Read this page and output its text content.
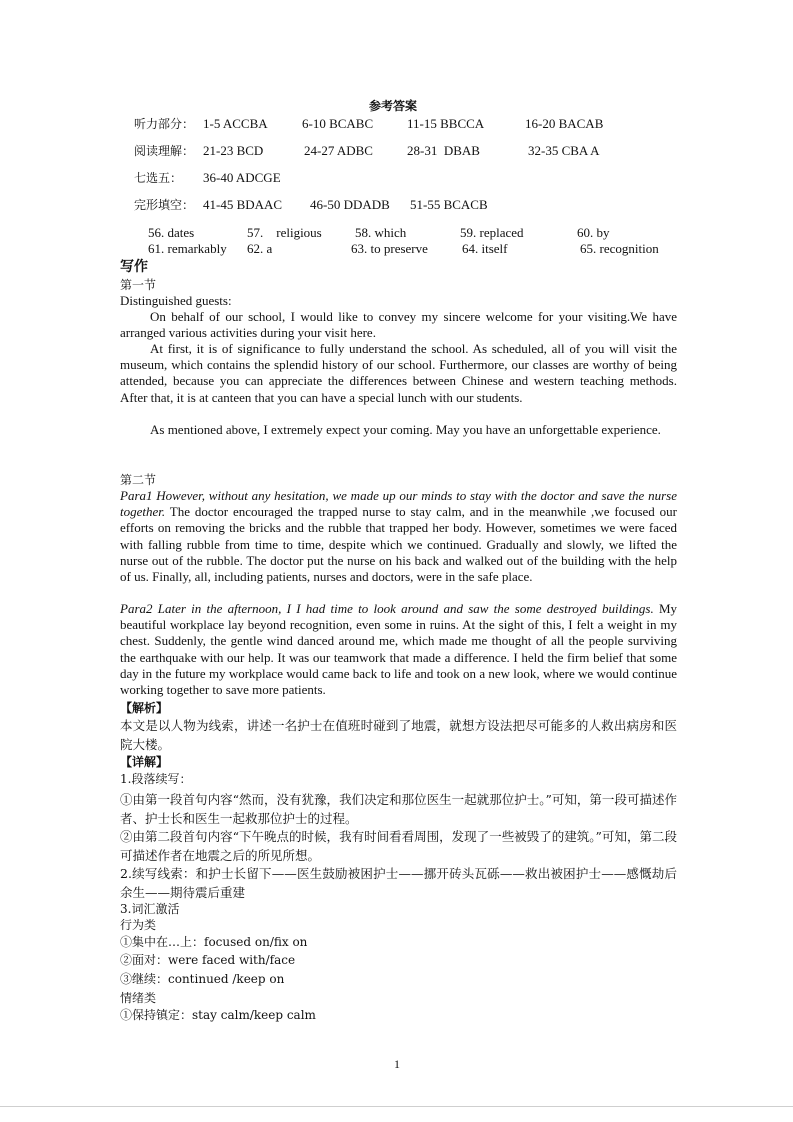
参考答案
听力部分： 1-5 ACCBA	6-10 BCABC	11-15 BBCCA	16-20 BACAB
阅读理解： 21-23 BCD	24-27 ADBC	28-31  DBAB	32-35 CBA A
七选五： 36-40 ADCGE
完形填空： 41-45 BDAAC 46-50 DDADB 51-55 BCACB
56. dates	57.    religious	58. which	59. replaced	60. by
61. remarkably 62. a	63. to preserve	64. itself	65. recognition
写作
第一节
Distinguished guests:
On behalf of our school, I would like to convey my sincere welcome for your visiting.We have arranged various activities during your visit here.
At first, it is of significance to fully understand the school. As scheduled, all of you will visit the museum, which contains the splendid history of our school. Furthermore, our classes are worthy of being attended, because you can appreciate the differences between Chinese and western teaching methods. After that, it is at canteen that you can have a special lunch with our students.
As mentioned above, I extremely expect your coming. May you have an unforgettable experience.
第二节
Para1 However, without any hesitation, we made up our minds to stay with the doctor and save the nurse together. The doctor encouraged the trapped nurse to stay calm, and in the meanwhile ,we focused our efforts on removing the bricks and the rubble that trapped her body. However, sometimes we were faced with falling rubble from time to time, despite which we continued. Gradually and slowly, we lifted the nurse out of the rubble. The doctor put the nurse on his back and walked out of the building with the help of us. Finally, all, including patients, nurses and doctors, were in the safe place.
Para2 Later in the afternoon, I I had time to look around and saw the some destroyed buildings. My beautiful workplace lay beyond recognition, even some in ruins. At the sight of this, I felt a weight in my chest. Suddenly, the gentle wind danced around me, which made me thought of all the people surviving the earthquake with our help. It was our teamwork that made a difference. I held the firm belief that some day in the future my workplace would came back to life and took on a new look, where we would continue working together to save more patients.
【解析】
本文是以人物为线索，讲述一名护士在值班时碰到了地震，就想方设法把尽可能多的人救出病房和医院大楼。
【详解】
1.段落续写：
①由第一段首句内容“然而，没有犹豫，我们决定和那位医生一起就那位护士。”可知，第一段可描述作者、护士长和医生一起救那位护士的过程。
②由第二段首句内容“下午晚点的时候，我有时间看看周围，发现了一些被毁了的建筑。”可知，第二段可描述作者在地震之后的所见所想。
2.续写线索：和护士长留下——医生鼓励被困护士——挪开砖头瓦砾——救出被困护士——感慨劫后余生——期待震后重建
3.词汇激活
行为类
①集中在…上：focused on/fix on
②面对：were faced with/face
③继续：continued /keep on
情绪类
①保持镇定：stay calm/keep calm
1
